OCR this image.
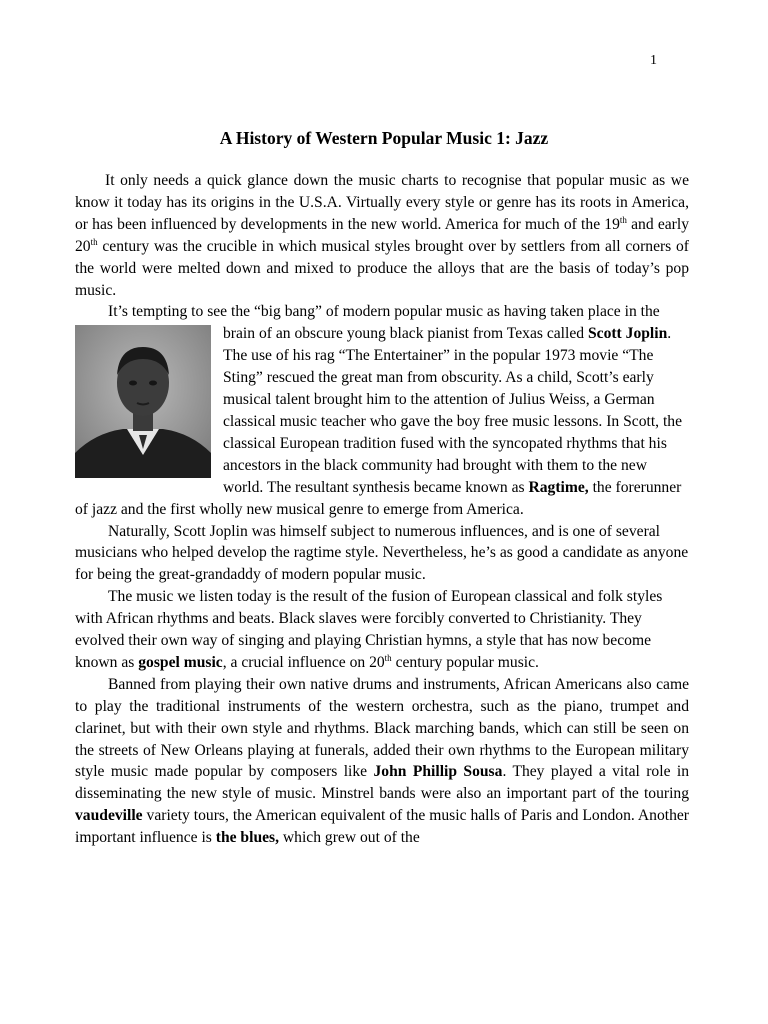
1
A History of Western Popular Music 1: Jazz

It only needs a quick glance down the music charts to recognise that popular music as we know it today has its origins in the U.S.A. Virtually every style or genre has its roots in America, or has been influenced by developments in the new world. America for much of the 19th and early 20th century was the crucible in which musical styles brought over by settlers from all corners of the world were melted down and mixed to produce the alloys that are the basis of today’s pop music.

It’s tempting to see the “big bang” of modern popular music as having taken place in the brain of an obscure young black pianist from Texas called Scott Joplin
. The use of his rag “The Entertainer” in the popular 1973 movie “The Sting” rescued the great man from obscurity. As a child, Scott’s early musical talent brought him to the attention of Julius Weiss, a German classical music teacher who gave the boy free music lessons. In Scott, the classical European tradition fused with the syncopated rhythms that his ancestors in the black community had brought with them to the new world. The resultant synthesis became known as Ragtime, the forerunner of jazz and the first wholly new musical genre to emerge from America.

Naturally, Scott Joplin was himself subject to numerous influences, and is one of several musicians who helped develop the ragtime style. Nevertheless, he’s as good a candidate as anyone for being the great-grandaddy of modern popular music.

The music we listen today is the result of the fusion of European classical and folk styles with African rhythms and beats. Black slaves were forcibly converted to Christianity. They evolved their own way of singing and playing Christian hymns, a style that has now become known as gospel music, a crucial influence on 20th century popular music.

Banned from playing their own native drums and instruments, African Americans also came to play the traditional instruments of the western orchestra, such as the piano, trumpet and clarinet, but with their own style and rhythms. Black marching bands, which can still be seen on the streets of New Orleans playing at funerals, added their own rhythms to the European military style music made popular by composers like John Phillip Sousa. They played a vital role in disseminating the new style of music. Minstrel bands were also an important part of the touring vaudeville variety tours, the American equivalent of the music halls of Paris and London. Another important influence is the blues, which grew out of the
